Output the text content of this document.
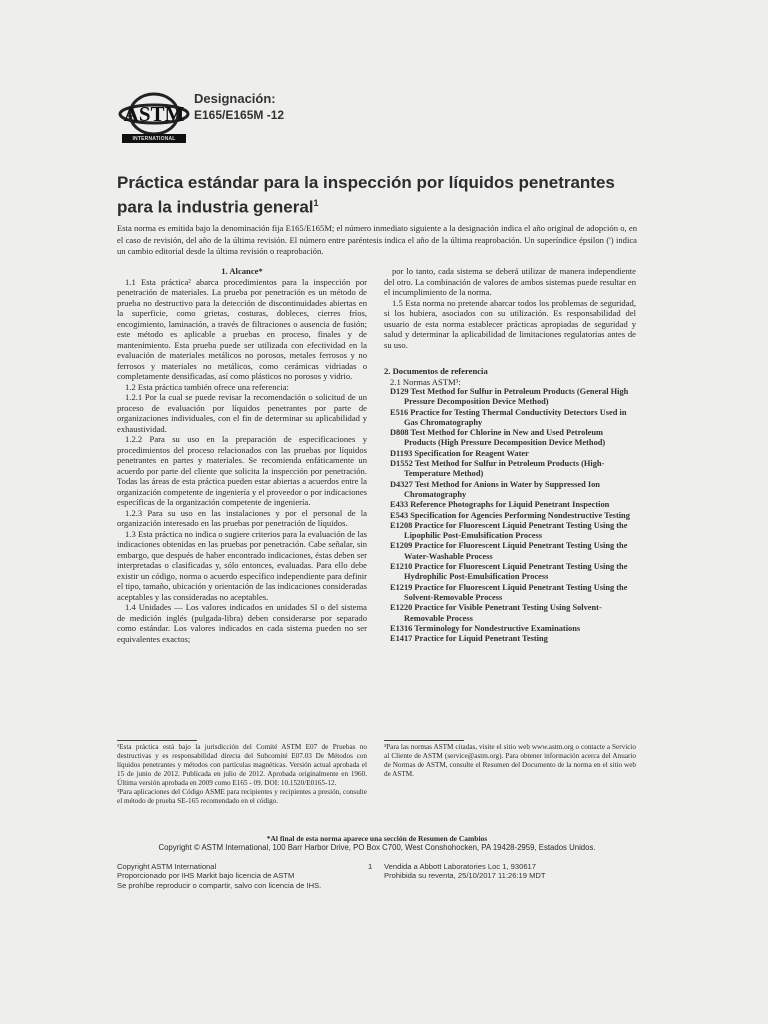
ASTM
INTERNATIONAL
Designación:
E165/E165M -12
Práctica estándar para la inspección por líquidos penetrantes para la industria general$^1$
Esta norma es emitida bajo la denominación fija E165/E165M; el número inmediato siguiente a la designación indica el año original de adopción o, en el caso de revisión, del año de la última revisión. El número entre paréntesis indica el año de la última reaprobación. Un superíndice épsilon (') indica un cambio editorial desde la última revisión o reaprobación.

1. Alcance*

1.1 Esta práctica² abarca procedimientos para la inspección por penetración de materiales. La prueba por penetración es un método de prueba no destructivo para la detección de discontinuidades abiertas en la superficie, como grietas, costuras, dobleces, cierres fríos, encogimiento, laminación, a través de filtraciones o ausencia de fusión; este método es aplicable a pruebas en proceso, finales y de mantenimiento. Esta prueba puede ser utilizada con efectividad en la evaluación de materiales metálicos no porosos, metales ferrosos y no ferrosos y materiales no metálicos, como cerámicas vidriadas o completamente densificadas, así como plásticos no porosos y vidrio.

1.2 Esta práctica también ofrece una referencia:

1.2.1 Por la cual se puede revisar la recomendación o solicitud de un proceso de evaluación por líquidos penetrantes por parte de organizaciones individuales, con el fin de determinar su aplicabilidad y exhaustividad.

1.2.2 Para su uso en la preparación de especificaciones y procedimientos del proceso relacionados con las pruebas por líquidos penetrantes en partes y materiales. Se recomienda enfáticamente un acuerdo por parte del cliente que solicita la inspección por penetración. Todas las áreas de esta práctica pueden estar abiertas a acuerdos entre la organización competente de ingeniería y el proveedor o por indicaciones específicas de la organización competente de ingeniería.

1.2.3 Para su uso en las instalaciones y por el personal de la organización interesado en las pruebas por penetración de líquidos.

1.3 Esta práctica no indica o sugiere criterios para la evaluación de las indicaciones obtenidas en las pruebas por penetración. Cabe señalar, sin embargo, que después de haber encontrado indicaciones, éstas deben ser interpretadas o clasificadas y, sólo entonces, evaluadas. Para ello debe existir un código, norma o acuerdo específico independiente para definir el tipo, tamaño, ubicación y orientación de las indicaciones consideradas aceptables y las consideradas no aceptables.

1.4 Unidades — Los valores indicados en unidades SI o del sistema de medición inglés (pulgada-libra) deben considerarse por separado como estándar. Los valores indicados en cada sistema pueden no ser equivalentes exactos;

por lo tanto, cada sistema se deberá utilizar de manera independiente del otro. La combinación de valores de ambos sistemas puede resultar en el incumplimiento de la norma.

1.5 Esta norma no pretende abarcar todos los problemas de seguridad, si los hubiera, asociados con su utilización. Es responsabilidad del usuario de esta norma establecer prácticas apropiadas de seguridad y salud y determinar la aplicabilidad de limitaciones regulatorias antes de su uso.

2. Documentos de referencia

2.1 Normas ASTM³:

D129 Test Method for Sulfur in Petroleum Products (General High Pressure Decomposition Device Method)

E516 Practice for Testing Thermal Conductivity Detectors Used in Gas Chromatography

D808 Test Method for Chlorine in New and Used Petroleum Products (High Pressure Decomposition Device Method)

D1193 Specification for Reagent Water

D1552 Test Method for Sulfur in Petroleum Products (High-Temperature Method)

D4327 Test Method for Anions in Water by Suppressed Ion Chromatography

E433 Reference Photographs for Liquid Penetrant Inspection

E543 Specification for Agencies Performing Nondestructive Testing

E1208 Practice for Fluorescent Liquid Penetrant Testing Using the Lipophilic Post-Emulsification Process

E1209 Practice for Fluorescent Liquid Penetrant Testing Using the Water-Washable Process

E1210 Practice for Fluorescent Liquid Penetrant Testing Using the Hydrophilic Post-Emulsification Process

E1219 Practice for Fluorescent Liquid Penetrant Testing Using the Solvent-Removable Process

E1220 Practice for Visible Penetrant Testing Using Solvent-Removable Process

E1316 Terminology for Nondestructive Examinations

E1417 Practice for Liquid Penetrant Testing

¹Esta práctica está bajo la jurisdicción del Comité ASTM E07 de Pruebas no destructivas y es responsabilidad directa del Subcomité E07.03 De Métodos con líquidos penetrantes y métodos con partículas magnéticas. Versión actual aprobada el 15 de junio de 2012. Publicada en julio de 2012. Aprobada originalmente en 1960. Última versión aprobada en 2009 como E165 - 09. DOI: 10.1520/E0165-12.

²Para aplicaciones del Código ASME para recipientes y recipientes a presión, consulte el método de prueba SE-165 recomendado en el código.

³Para las normas ASTM citadas, visite el sitio web www.astm.org o contacte a Servicio al Cliente de ASTM (service@astm.org). Para obtener información acerca del Anuario de Normas de ASTM, consulte el Resumen del Documento de la norma en el sitio web de ASTM.

*Al final de esta norma aparece una sección de Resumen de Cambios
Copyright © ASTM International, 100 Barr Harbor Drive, PO Box C700, West Conshohocken, PA 19428-2959, Estados Unidos.

Copyright ASTM International

Proporcionado por IHS Markit bajo licencia de ASTM

Se prohíbe reproducir o compartir, salvo con licencia de IHS.

1 Vendida a Abbott Laboratories Loc 1, 930617

Prohibida su reventa, 25/10/2017 11:26:19 MDT
